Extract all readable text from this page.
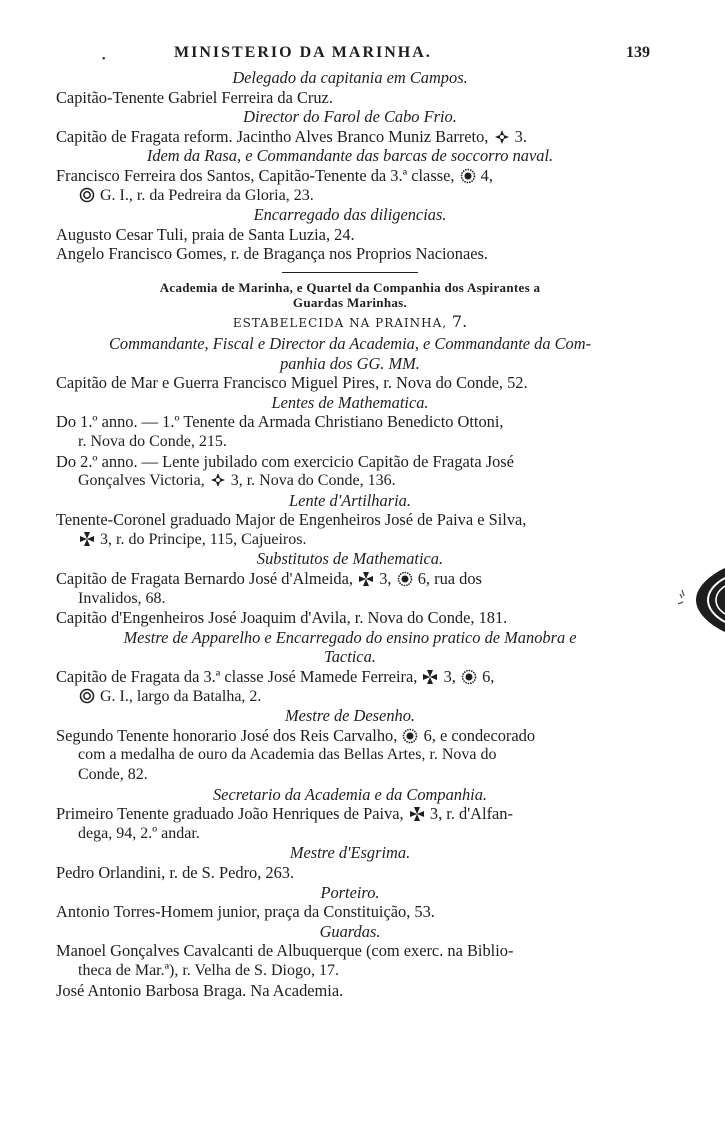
•	MINISTERIO DA MARINHA.	139
Delegado da capitania em Campos.
Capitão-Tenente Gabriel Ferreira da Cruz.
Director do Farol de Cabo Frio.
Capitão de Fragata reform. Jacintho Alves Branco Muniz Barreto, 3.
Idem da Rasa, e Commandante das barcas de soccorro naval.
Francisco Ferreira dos Santos, Capitão-Tenente da 3.ª classe, 4,
G. I., r. da Pedreira da Gloria, 23.
Encarregado das diligencias.
Augusto Cesar Tuli, praia de Santa Luzia, 24.
Angelo Francisco Gomes, r. de Bragança nos Proprios Nacionaes.
Academia de Marinha, e Quartel da Companhia dos Aspirantes a
Guardas Marinhas.
ESTABELECIDA NA PRAINHA, 7.
Commandante, Fiscal e Director da Academia, e Commandante da Com-
panhia dos GG. MM.
Capitão de Mar e Guerra Francisco Miguel Pires, r. Nova do Conde, 52.
Lentes de Mathematica.
Do 1.º anno. — 1.º Tenente da Armada Christiano Benedicto Ottoni,
r. Nova do Conde, 215.
Do 2.º anno. — Lente jubilado com exercicio Capitão de Fragata José
Gonçalves Victoria, 3, r. Nova do Conde, 136.
Lente d'Artilharia.
Tenente-Coronel graduado Major de Engenheiros José de Paiva e Silva,
3, r. do Principe, 115, Cajueiros.
Substitutos de Mathematica.
Capitão de Fragata Bernardo José d'Almeida, 3, 6, rua dos
Invalidos, 68.
Capitão d'Engenheiros José Joaquim d'Avila, r. Nova do Conde, 181.
Mestre de Apparelho e Encarregado do ensino pratico de Manobra e
Tactica.
Capitão de Fragata da 3.ª classe José Mamede Ferreira, 3, 6,
G. I., largo da Batalha, 2.
Mestre de Desenho.
Segundo Tenente honorario José dos Reis Carvalho, 6, e condecorado
com a medalha de ouro da Academia das Bellas Artes, r. Nova do
Conde, 82.
Secretario da Academia e da Companhia.
Primeiro Tenente graduado João Henriques de Paiva, 3, r. d'Alfan-
dega, 94, 2.º andar.
Mestre d'Esgrima.
Pedro Orlandini, r. de S. Pedro, 263.
Porteiro.
Antonio Torres-Homem junior, praça da Constituição, 53.
Guardas.
Manoel Gonçalves Cavalcanti de Albuquerque (com exerc. na Biblio-
theca de Mar.ª), r. Velha de S. Diogo, 17.
José Antonio Barbosa Braga. Na Academia.
